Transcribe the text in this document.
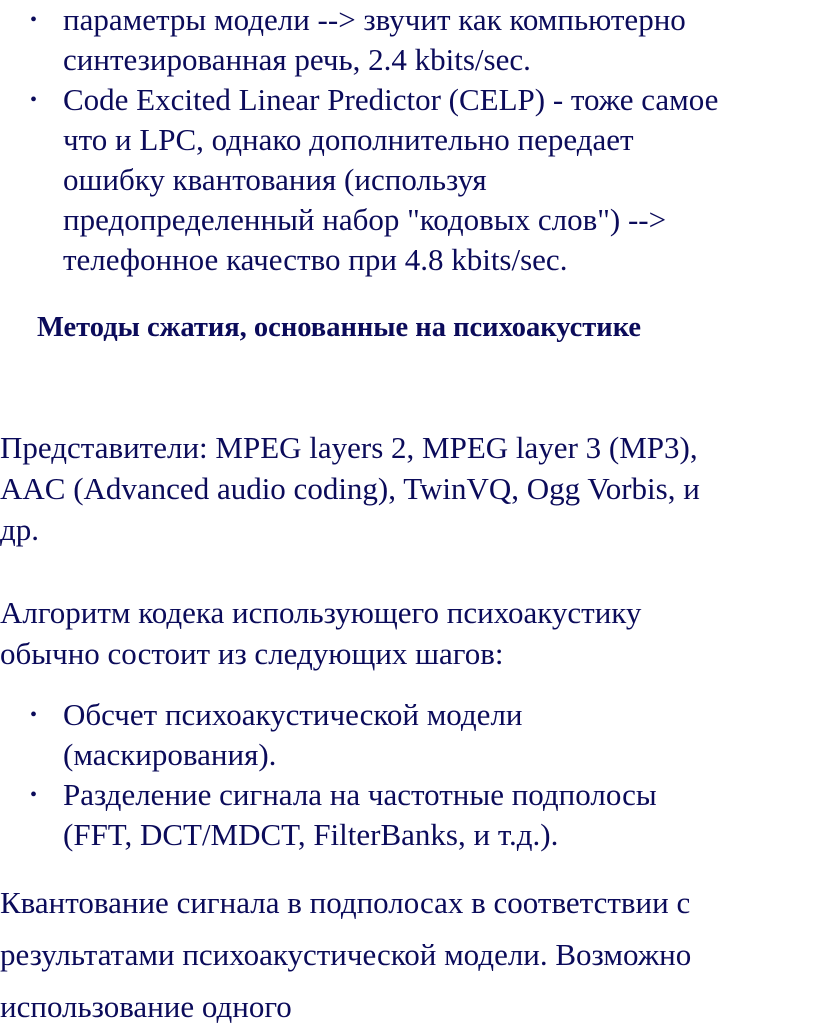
• параметры модели --> звучит как компьютерно
синтезированная речь, 2.4 kbits/sec.
• Code Excited Linear Predictor (CELP) - тоже самое
что и LPC, однако дополнительно передает
ошибку квантования (используя
предопределенный набор "кодовых слов") -->
телефонное качество при 4.8 kbits/sec.
Методы сжатия, основанные на психоакустике

Представители: MPEG layers 2, MPEG layer 3 (MP3),
AAC (Advanced audio coding), TwinVQ, Ogg Vorbis, и
др.

Алгоритм кодека использующего психоакустику
обычно состоит из следующих шагов:

• Обсчет психоакустической модели
(маскирования).
• Разделение сигнала на частотные подполосы
(FFT, DCT/MDCT, FilterBanks, и т.д.).

Квантование сигнала в подполосах в соответствии с
результатами психоакустической модели. Возможно
использование одного
